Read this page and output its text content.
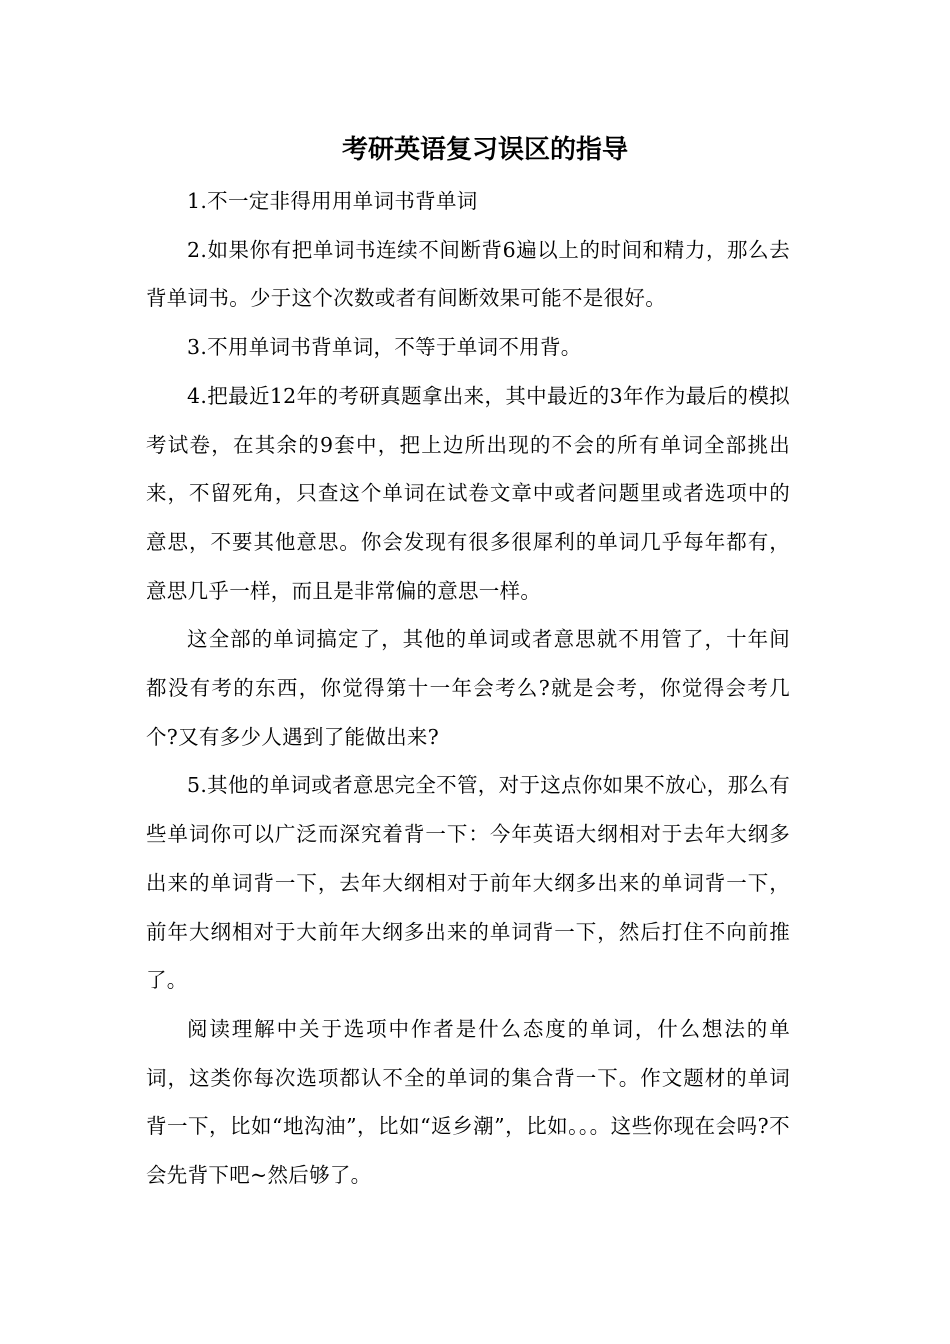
考研英语复习误区的指导

1.不一定非得用用单词书背单词

2.如果你有把单词书连续不间断背6遍以上的时间和精力，那么去背单词书。少于这个次数或者有间断效果可能不是很好。

3.不用单词书背单词，不等于单词不用背。

4.把最近12年的考研真题拿出来，其中最近的3年作为最后的模拟考试卷，在其余的9套中，把上边所出现的不会的所有单词全部挑出来，不留死角，只查这个单词在试卷文章中或者问题里或者选项中的意思，不要其他意思。你会发现有很多很犀利的单词几乎每年都有，意思几乎一样，而且是非常偏的意思一样。

这全部的单词搞定了，其他的单词或者意思就不用管了，十年间都没有考的东西，你觉得第十一年会考么?就是会考，你觉得会考几个?又有多少人遇到了能做出来?

5.其他的单词或者意思完全不管，对于这点你如果不放心，那么有些单词你可以广泛而深究着背一下：今年英语大纲相对于去年大纲多出来的单词背一下，去年大纲相对于前年大纲多出来的单词背一下，前年大纲相对于大前年大纲多出来的单词背一下，然后打住不向前推了。

阅读理解中关于选项中作者是什么态度的单词，什么想法的单词，这类你每次选项都认不全的单词的集合背一下。作文题材的单词背一下，比如“地沟油”，比如“返乡潮”，比如。。。这些你现在会吗?不会先背下吧~然后够了。
